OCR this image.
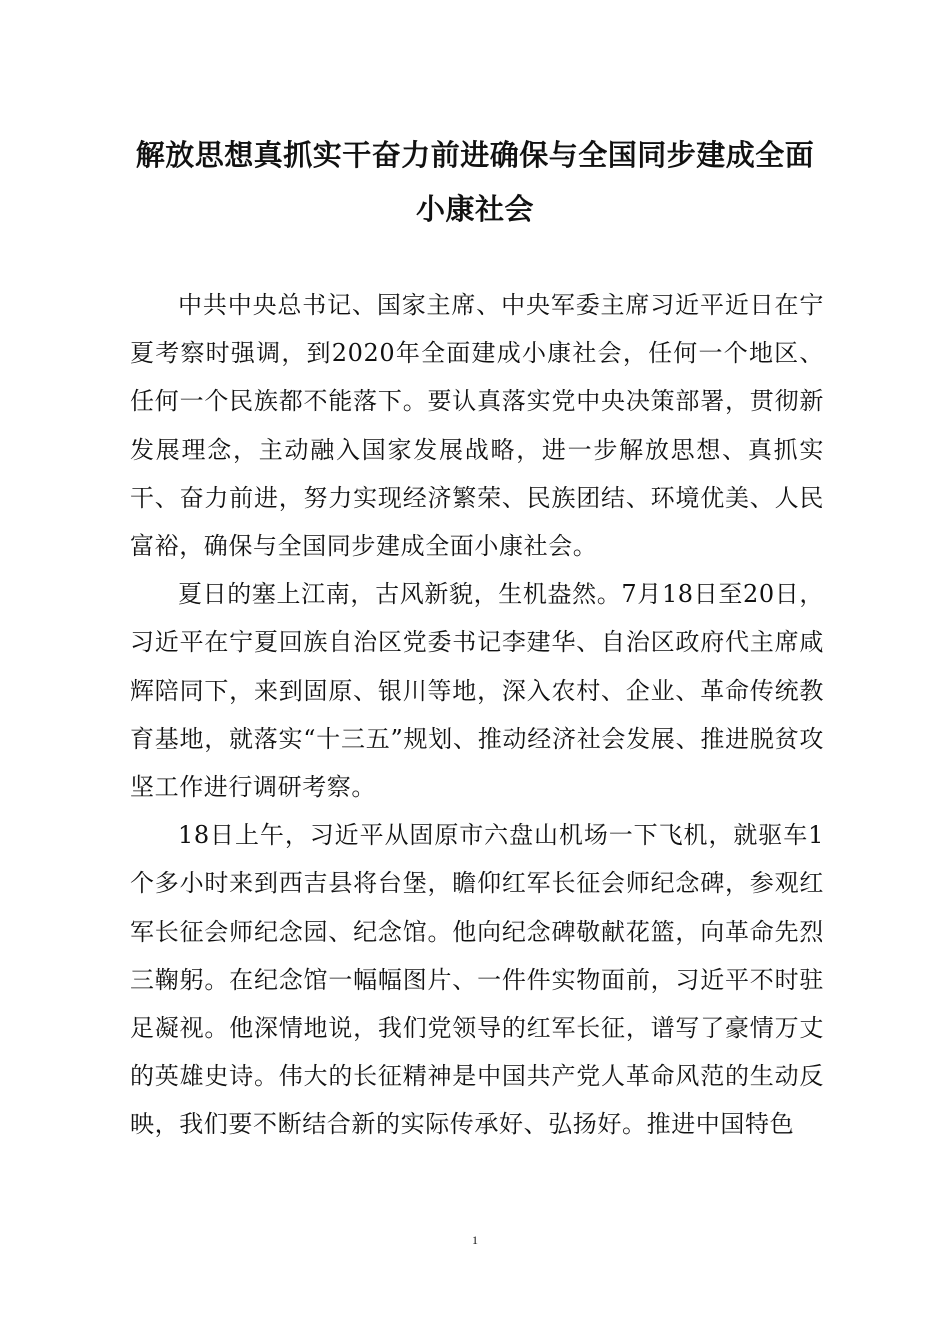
解放思想真抓实干奋力前进确保与全国同步建成全面小康社会

中共中央总书记、国家主席、中央军委主席习近平近日在宁夏考察时强调，到2020年全面建成小康社会，任何一个地区、任何一个民族都不能落下。要认真落实党中央决策部署，贯彻新发展理念，主动融入国家发展战略，进一步解放思想、真抓实干、奋力前进，努力实现经济繁荣、民族团结、环境优美、人民富裕，确保与全国同步建成全面小康社会。

夏日的塞上江南，古风新貌，生机盎然。7月18日至20日，习近平在宁夏回族自治区党委书记李建华、自治区政府代主席咸辉陪同下，来到固原、银川等地，深入农村、企业、革命传统教育基地，就落实“十三五”规划、推动经济社会发展、推进脱贫攻坚工作进行调研考察。

18日上午，习近平从固原市六盘山机场一下飞机，就驱车1个多小时来到西吉县将台堡，瞻仰红军长征会师纪念碑，参观红军长征会师纪念园、纪念馆。他向纪念碑敬献花篮，向革命先烈三鞠躬。在纪念馆一幅幅图片、一件件实物面前，习近平不时驻足凝视。他深情地说，我们党领导的红军长征，谱写了豪情万丈的英雄史诗。伟大的长征精神是中国共产党人革命风范的生动反映，我们要不断结合新的实际传承好、弘扬好。推进中国特色

1
